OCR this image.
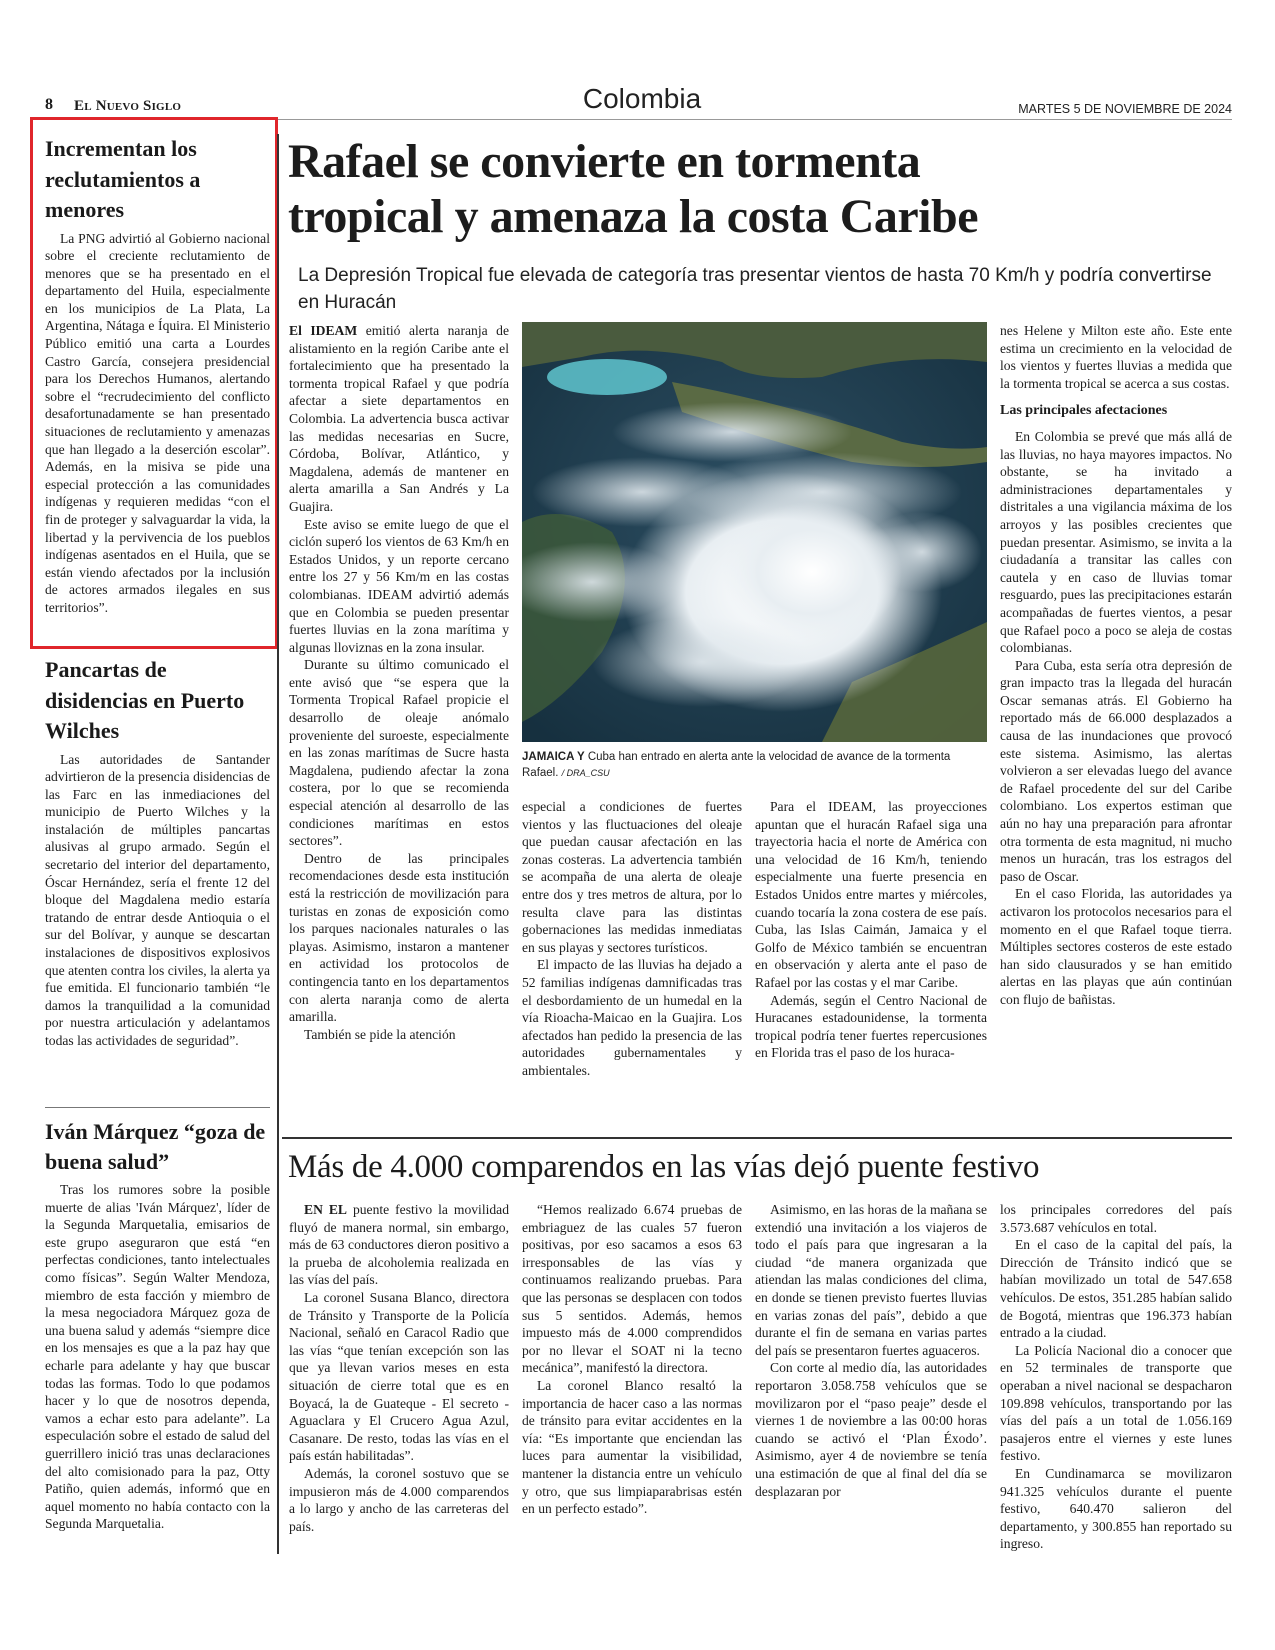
8 El Nuevo Siglo	Colombia	MARTES 5 DE NOVIEMBRE DE 2024
Incrementan los reclutamientos a menores

La PNG advirtió al Gobierno nacional sobre el creciente reclutamiento de menores que se ha presentado en el departamento del Huila, especialmente en los municipios de La Plata, La Argentina, Nátaga e Íquira. El Ministerio Público emitió una carta a Lourdes Castro García, consejera presidencial para los Derechos Humanos, alertando sobre el “recrudecimiento del conflicto desafortunadamente se han presentado situaciones de reclutamiento y amenazas que han llegado a la deserción escolar”. Además, en la misiva se pide una especial protección a las comunidades indígenas y requieren medidas “con el fin de proteger y salvaguardar la vida, la libertad y la pervivencia de los pueblos indígenas asentados en el Huila, que se están viendo afectados por la inclusión de actores armados ilegales en sus territorios”.

Pancartas de disidencias en Puerto Wilches

Las autoridades de Santander advirtieron de la presencia disidencias de las Farc en las inmediaciones del municipio de Puerto Wilches y la instalación de múltiples pancartas alusivas al grupo armado. Según el secretario del interior del departamento, Óscar Hernández, sería el frente 12 del bloque del Magdalena medio estaría tratando de entrar desde Antioquia o el sur del Bolívar, y aunque se descartan instalaciones de dispositivos explosivos que atenten contra los civiles, la alerta ya fue emitida. El funcionario también “le damos la tranquilidad a la comunidad por nuestra articulación y adelantamos todas las actividades de seguridad”.

Iván Márquez “goza de buena salud”

Tras los rumores sobre la posible muerte de alias 'Iván Márquez', líder de la Segunda Marquetalia, emisarios de este grupo aseguraron que está “en perfectas condiciones, tanto intelectuales como físicas”. Según Walter Mendoza, miembro de esta facción y miembro de la mesa negociadora Márquez goza de una buena salud y además “siempre dice en los mensajes es que a la paz hay que echarle para adelante y hay que buscar todas las formas. Todo lo que podamos hacer y lo que de nosotros dependa, vamos a echar esto para adelante”. La especulación sobre el estado de salud del guerrillero inició tras unas declaraciones del alto comisionado para la paz, Otty Patiño, quien además, informó que en aquel momento no había contacto con la Segunda Marquetalia.

Rafael se convierte en tormenta
tropical y amenaza la costa Caribe
La Depresión Tropical fue elevada de categoría tras presentar vientos de hasta 70 Km/h y podría convertirse en Huracán

El IDEAM emitió alerta naranja de alistamiento en la región Caribe ante el fortalecimiento que ha presentado la tormenta tropical Rafael y que podría afectar a siete departamentos en Colombia. La advertencia busca activar las medidas necesarias en Sucre, Córdoba, Bolívar, Atlántico, y Magdalena, además de mantener en alerta amarilla a San Andrés y La Guajira.

Este aviso se emite luego de que el ciclón superó los vientos de 63 Km/h en Estados Unidos, y un reporte cercano entre los 27 y 56 Km/m en las costas colombianas. IDEAM advirtió además que en Colombia se pueden presentar fuertes lluvias en la zona marítima y algunas lloviznas en la zona insular.

Durante su último comunicado el ente avisó que “se espera que la Tormenta Tropical Rafael propicie el desarrollo de oleaje anómalo proveniente del suroeste, especialmente en las zonas marítimas de Sucre hasta Magdalena, pudiendo afectar la zona costera, por lo que se recomienda especial atención al desarrollo de las condiciones marítimas en estos sectores”.

Dentro de las principales recomendaciones desde esta institución está la restricción de movilización para turistas en zonas de exposición como los parques nacionales naturales o las playas. Asimismo, instaron a mantener en actividad los protocolos de contingencia tanto en los departamentos con alerta naranja como de alerta amarilla.

También se pide la atención

JAMAICA Y Cuba han entrado en alerta ante la velocidad de avance de la tormenta Rafael. / DRA_CSU

especial a condiciones de fuertes vientos y las fluctuaciones del oleaje que puedan causar afectación en las zonas costeras. La advertencia también se acompaña de una alerta de oleaje entre dos y tres metros de altura, por lo resulta clave para las distintas gobernaciones las medidas inmediatas en sus playas y sectores turísticos.

El impacto de las lluvias ha dejado a 52 familias indígenas damnificadas tras el desbordamiento de un humedal en la vía Rioacha-Maicao en la Guajira. Los afectados han pedido la presencia de las autoridades gubernamentales y ambientales.

Para el IDEAM, las proyecciones apuntan que el huracán Rafael siga una trayectoria hacia el norte de América con una velocidad de 16 Km/h, teniendo especialmente una fuerte presencia en Estados Unidos entre martes y miércoles, cuando tocaría la zona costera de ese país. Cuba, las Islas Caimán, Jamaica y el Golfo de México también se encuentran en observación y alerta ante el paso de Rafael por las costas y el mar Caribe.

Además, según el Centro Nacional de Huracanes estadounidense, la tormenta tropical podría tener fuertes repercusiones en Florida tras el paso de los huraca-

nes Helene y Milton este año. Este ente estima un crecimiento en la velocidad de los vientos y fuertes lluvias a medida que la tormenta tropical se acerca a sus costas.

Las principales afectaciones

En Colombia se prevé que más allá de las lluvias, no haya mayores impactos. No obstante, se ha invitado a administraciones departamentales y distritales a una vigilancia máxima de los arroyos y las posibles crecientes que puedan presentar. Asimismo, se invita a la ciudadanía a transitar las calles con cautela y en caso de lluvias tomar resguardo, pues las precipitaciones estarán acompañadas de fuertes vientos, a pesar que Rafael poco a poco se aleja de costas colombianas.

Para Cuba, esta sería otra depresión de gran impacto tras la llegada del huracán Oscar semanas atrás. El Gobierno ha reportado más de 66.000 desplazados a causa de las inundaciones que provocó este sistema. Asimismo, las alertas volvieron a ser elevadas luego del avance de Rafael procedente del sur del Caribe colombiano. Los expertos estiman que aún no hay una preparación para afrontar otra tormenta de esta magnitud, ni mucho menos un huracán, tras los estragos del paso de Oscar.

En el caso Florida, las autoridades ya activaron los protocolos necesarios para el momento en el que Rafael toque tierra. Múltiples sectores costeros de este estado han sido clausurados y se han emitido alertas en las playas que aún continúan con flujo de bañistas.

Más de 4.000 comparendos en las vías dejó puente festivo

EN EL puente festivo la movilidad fluyó de manera normal, sin embargo, más de 63 conductores dieron positivo a la prueba de alcoholemia realizada en las vías del país.

La coronel Susana Blanco, directora de Tránsito y Transporte de la Policía Nacional, señaló en Caracol Radio que las vías “que tenían excepción son las que ya llevan varios meses en esta situación de cierre total que es en Boyacá, la de Guateque - El secreto - Aguaclara y El Crucero Agua Azul, Casanare. De resto, todas las vías en el país están habilitadas”.

Además, la coronel sostuvo que se impusieron más de 4.000 comparendos a lo largo y ancho de las carreteras del país.

“Hemos realizado 6.674 pruebas de embriaguez de las cuales 57 fueron positivas, por eso sacamos a esos 63 irresponsables de las vías y continuamos realizando pruebas. Para que las personas se desplacen con todos sus 5 sentidos. Además, hemos impuesto más de 4.000 comprendidos por no llevar el SOAT ni la tecno mecánica”, manifestó la directora.

La coronel Blanco resaltó la importancia de hacer caso a las normas de tránsito para evitar accidentes en la vía: “Es importante que enciendan las luces para aumentar la visibilidad, mantener la distancia entre un vehículo y otro, que sus limpiaparabrisas estén en un perfecto estado”.

Asimismo, en las horas de la mañana se extendió una invitación a los viajeros de todo el país para que ingresaran a la ciudad “de manera organizada que atiendan las malas condiciones del clima, en donde se tienen previsto fuertes lluvias en varias zonas del país”, debido a que durante el fin de semana en varias partes del país se presentaron fuertes aguaceros.

Con corte al medio día, las autoridades reportaron 3.058.758 vehículos que se movilizaron por el “paso peaje” desde el viernes 1 de noviembre a las 00:00 horas cuando se activó el ‘Plan Éxodo’. Asimismo, ayer 4 de noviembre se tenía una estimación de que al final del día se desplazaran por

los principales corredores del país 3.573.687 vehículos en total.

En el caso de la capital del país, la Dirección de Tránsito indicó que se habían movilizado un total de 547.658 vehículos. De estos, 351.285 habían salido de Bogotá, mientras que 196.373 habían entrado a la ciudad.

La Policía Nacional dio a conocer que en 52 terminales de transporte que operaban a nivel nacional se despacharon 109.898 vehículos, transportando por las vías del país a un total de 1.056.169 pasajeros entre el viernes y este lunes festivo.

En Cundinamarca se movilizaron 941.325 vehículos durante el puente festivo, 640.470 salieron del departamento, y 300.855 han reportado su ingreso.
